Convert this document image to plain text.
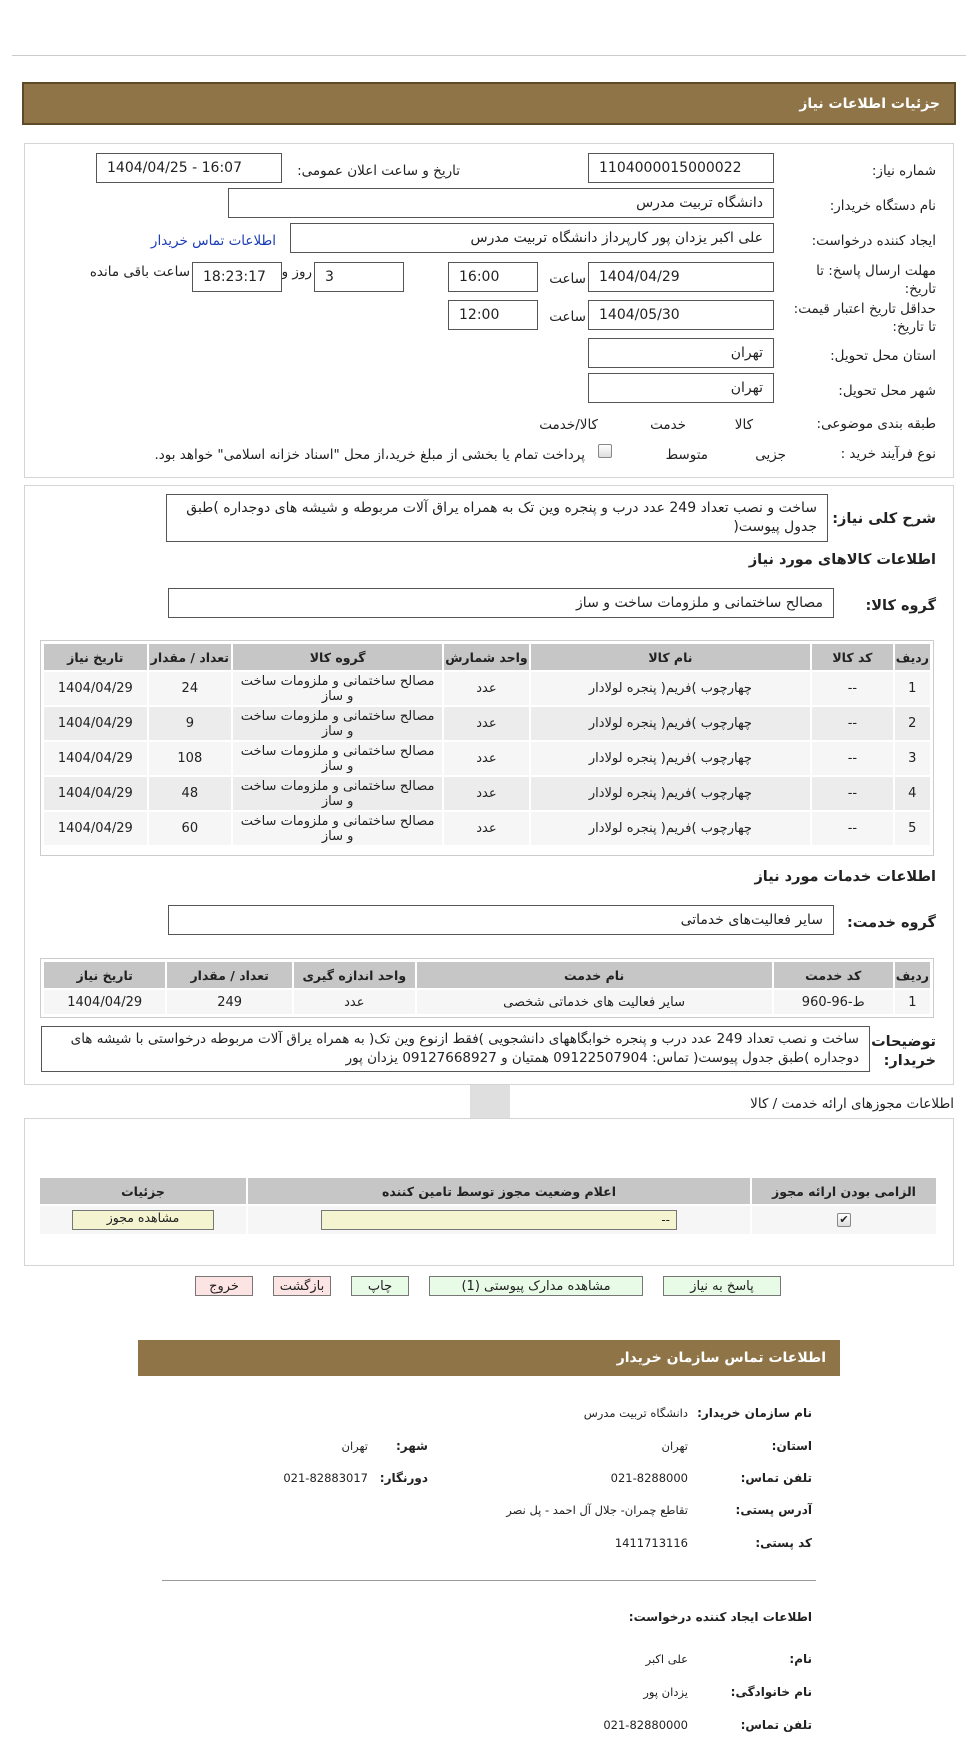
جزئیات اطلاعات نیاز
شماره نیاز:
1104000015000022
تاریخ و ساعت اعلان عمومی:
1404/04/25 - 16:07
نام دستگاه خریدار:
دانشگاه تربیت مدرس
ایجاد کننده درخواست:
علی اکبر یزدان پور کارپرداز دانشگاه تربیت مدرس
اطلاعات تماس خریدار
مهلت ارسال پاسخ: تا
تاریخ:
1404/04/29
ساعت
16:00
3
روز و
18:23:17
ساعت باقی مانده
حداقل تاریخ اعتبار قیمت:
تا تاریخ:
1404/05/30
ساعت
12:00
استان محل تحویل:
تهران
شهر محل تحویل:
تهران
طبقه بندی موضوعی:

کالا

خدمت

کالا/خدمت
نوع فرآیند خرید :

جزیی
متوسط
پرداخت تمام یا بخشی از مبلغ خرید،از محل "اسناد خزانه اسلامی" خواهد بود.
شرح کلی نیاز:
ساخت و نصب تعداد 249 عدد درب و پنجره وین تک به همراه یراق آلات مربوطه و شیشه های دوجداره )طبق جدول پیوست(
اطلاعات کالاهای مورد نیاز
گروه کالا:
مصالح ساختمانی و ملزومات ساخت و ساز
ردیف	کد کالا	نام کالا	واحد شمارش	گروه کالا	تعداد / مقدار	تاریخ نیاز
1	--	چهارچوب )فریم( پنجره لولادار	عدد	مصالح ساختمانی و ملزومات ساخت و ساز	24	1404/04/29
2	--	چهارچوب )فریم( پنجره لولادار	عدد	مصالح ساختمانی و ملزومات ساخت و ساز	9	1404/04/29
3	--	چهارچوب )فریم( پنجره لولادار	عدد	مصالح ساختمانی و ملزومات ساخت و ساز	108	1404/04/29
4	--	چهارچوب )فریم( پنجره لولادار	عدد	مصالح ساختمانی و ملزومات ساخت و ساز	48	1404/04/29
5	--	چهارچوب )فریم( پنجره لولادار	عدد	مصالح ساختمانی و ملزومات ساخت و ساز	60	1404/04/29
اطلاعات خدمات مورد نیاز
گروه خدمت:
سایر فعالیت‌های خدماتی
ردیف	کد خدمت	نام خدمت	واحد اندازه گیری	تعداد / مقدار	تاریخ نیاز
1	ط-96-960	سایر فعالیت های خدماتی شخصی	عدد	249	1404/04/29
توضیحات
خریدار:
ساخت و نصب تعداد 249 عدد درب و پنجره خوابگاههای دانشجویی )فقط ازنوع وین تک( به همراه یراق آلات مربوطه درخواستی با شیشه های دوجداره )طبق جدول پیوست( تماس: 09122507904 همتیان و 09127668927 یزدان پور
اطلاعات مجوزهای ارائه خدمت / کالا
الزامی بودن ارائه مجوز	اعلام وضعیت مجوز توسط تامین کننده	جزئیات
✔	--	مشاهده مجوز
پاسخ به نیاز
مشاهده مدارک پیوستی (1)
چاپ
بازگشت
خروج
اطلاعات تماس سازمان خریدار
نام سازمان خریدار:
دانشگاه تربیت مدرس
استان:
تهران
شهر:
تهران
تلفن تماس:
021-8288000
دورنگار:
021-82883017
آدرس پستی:
تقاطع چمران- جلال آل احمد - پل نصر
کد پستی:
1411713116
اطلاعات ایجاد کننده درخواست:
نام:
علی اکبر
نام خانوادگی:
یزدان پور
تلفن تماس:
021-82880000
